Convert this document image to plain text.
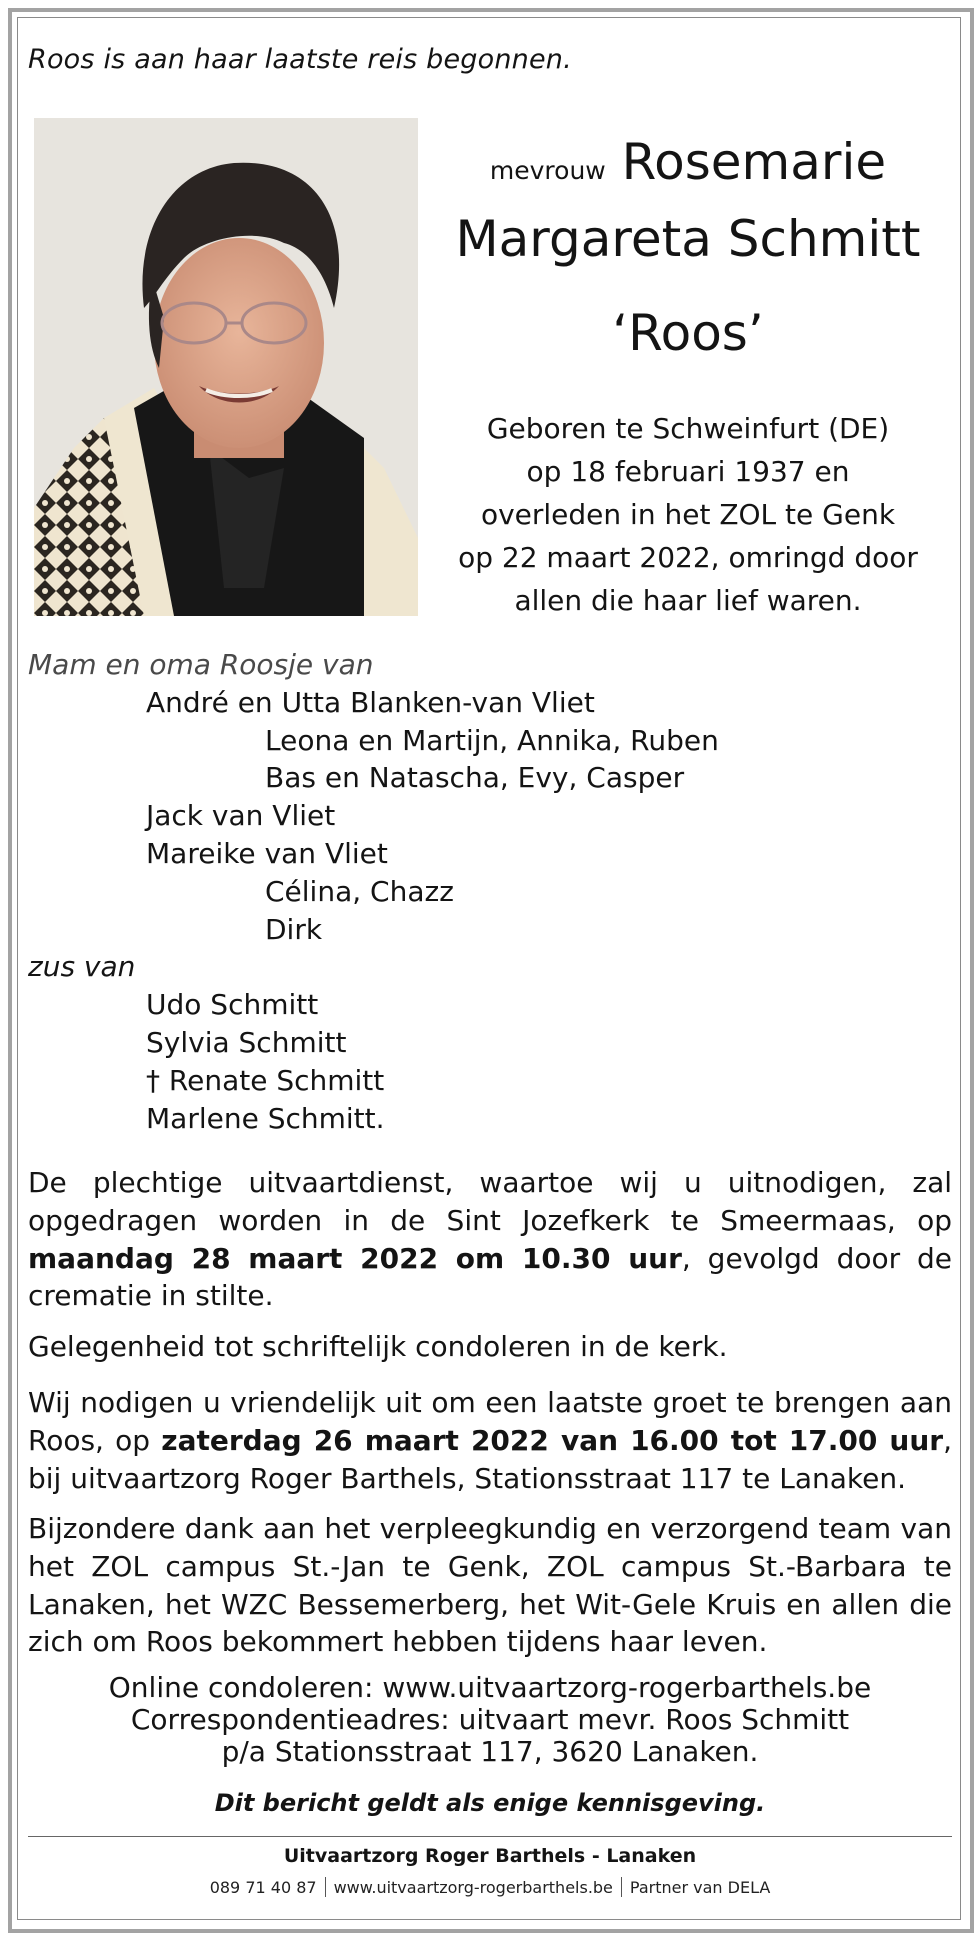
Roos is aan haar laatste reis begonnen.
mevrouw Rosemarie
Margareta Schmitt
‘Roos’
Geboren te Schweinfurt (DE)
op 18 februari 1937 en
overleden in het ZOL te Genk
op 22 maart 2022, omringd door
allen die haar lief waren.
Mam en oma Roosje van
André en Utta Blanken-van Vliet
Leona en Martijn, Annika, Ruben
Bas en Natascha, Evy, Casper
Jack van Vliet
Mareike van Vliet
Célina, Chazz
Dirk
zus van
Udo Schmitt
Sylvia Schmitt
† Renate Schmitt
Marlene Schmitt.
De plechtige uitvaartdienst, waartoe wij u uitnodigen, zal opgedragen worden in de Sint Jozefkerk te Smeermaas, op maandag 28 maart 2022 om 10.30 uur, gevolgd door de crematie in stilte.
Gelegenheid tot schriftelijk condoleren in de kerk.
Wij nodigen u vriendelijk uit om een laatste groet te brengen aan Roos, op zaterdag 26 maart 2022 van 16.00 tot 17.00 uur, bij uitvaartzorg Roger Barthels, Stationsstraat 117 te Lanaken.
Bijzondere dank aan het verpleegkundig en verzorgend team van het ZOL campus St.-Jan te Genk, ZOL campus St.-Barbara te Lanaken, het WZC Bessemerberg, het Wit-Gele Kruis en allen die zich om Roos bekommert hebben tijdens haar leven.
Online condoleren: www.uitvaartzorg-rogerbarthels.be
Correspondentieadres: uitvaart mevr. Roos Schmitt
p/a Stationsstraat 117, 3620 Lanaken.
Dit bericht geldt als enige kennisgeving.
Uitvaartzorg Roger Barthels - Lanaken
089 71 40 87 www.uitvaartzorg-rogerbarthels.be Partner van DELA
